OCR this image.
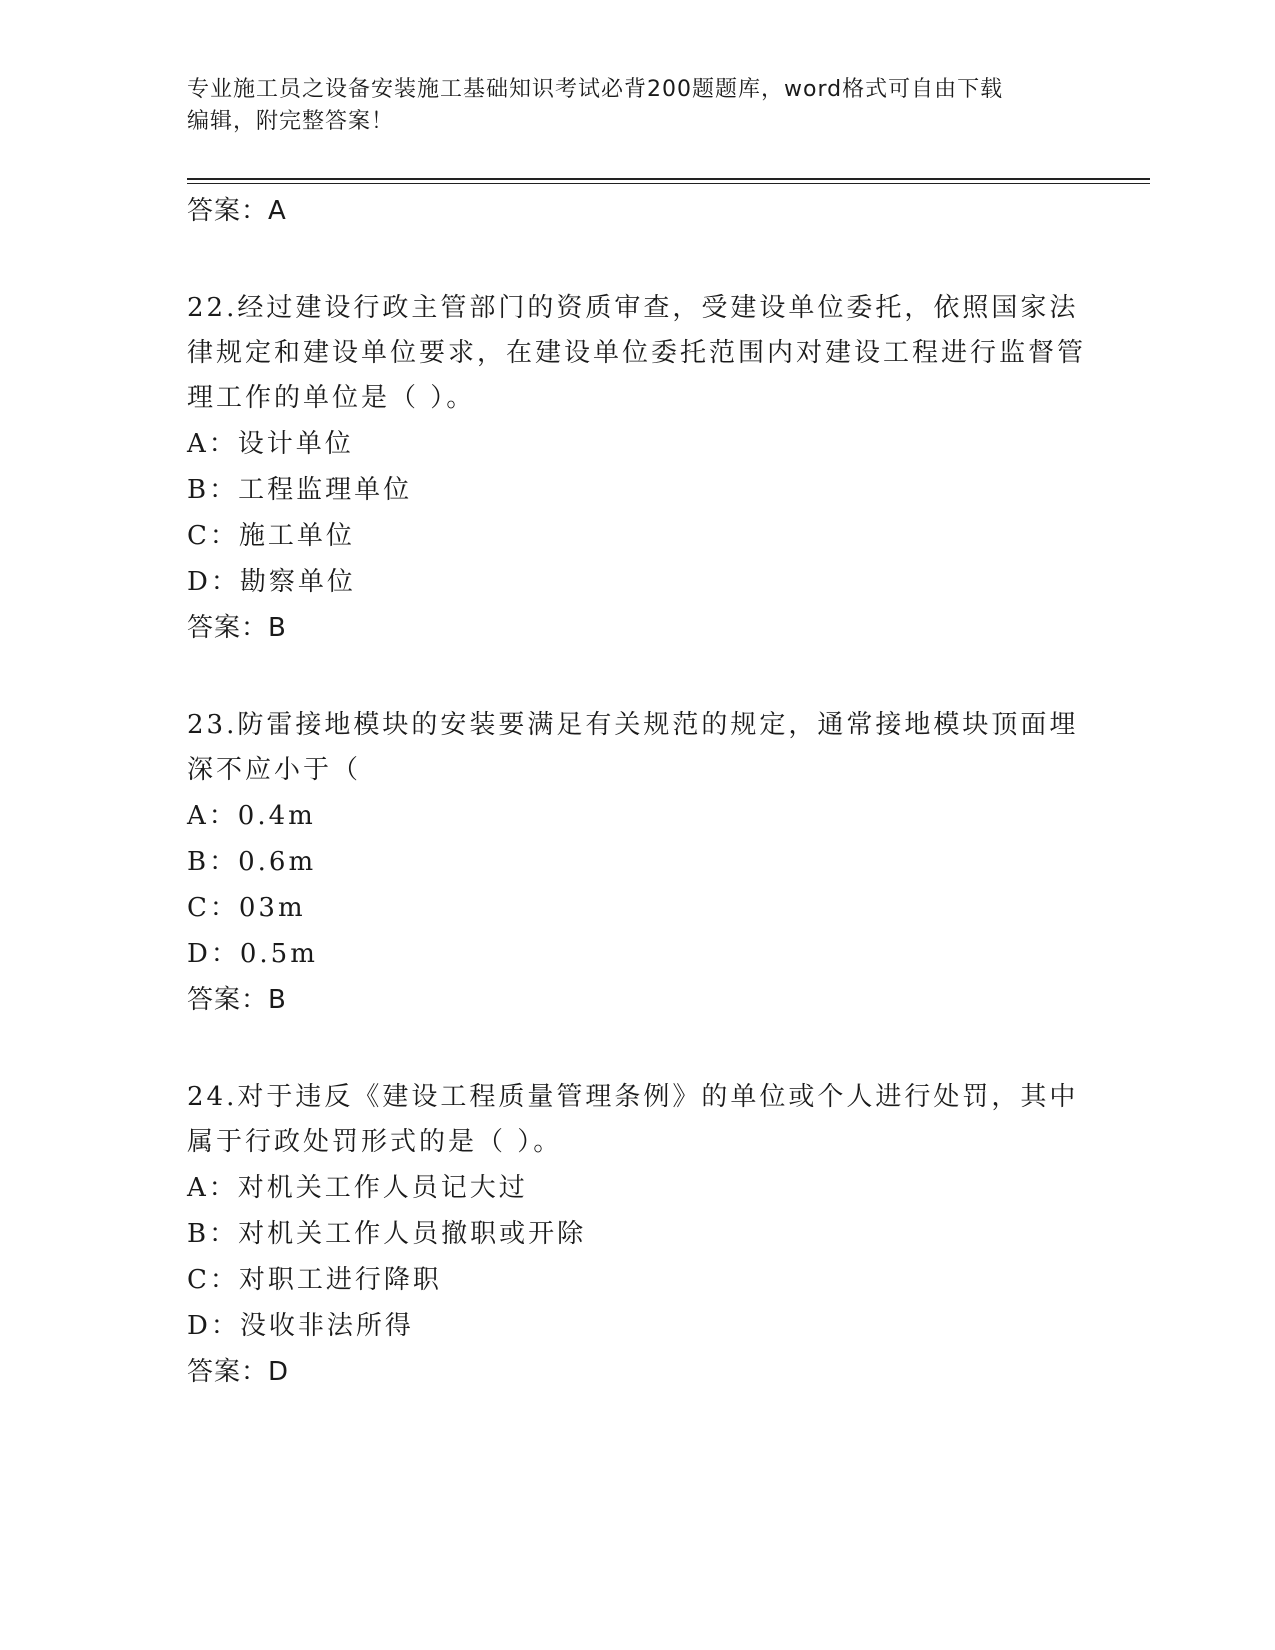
专业施工员之设备安装施工基础知识考试必背200题题库，word格式可自由下载
编辑，附完整答案！
答案：A

22.经过建设行政主管部门的资质审查，受建设单位委托，依照国家法律规定和建设单位要求，在建设单位委托范围内对建设工程进行监督管理工作的单位是（ ）。

A：设计单位
B：工程监理单位
C：施工单位
D：勘察单位
答案：B

23.防雷接地模块的安装要满足有关规范的规定，通常接地模块顶面埋深不应小于（

A：0.4m
B：0.6m
C：03m
D：0.5m
答案：B

24.对于违反《建设工程质量管理条例》的单位或个人进行处罚，其中属于行政处罚形式的是（ ）。

A：对机关工作人员记大过
B：对机关工作人员撤职或开除
C：对职工进行降职
D：没收非法所得
答案：D
